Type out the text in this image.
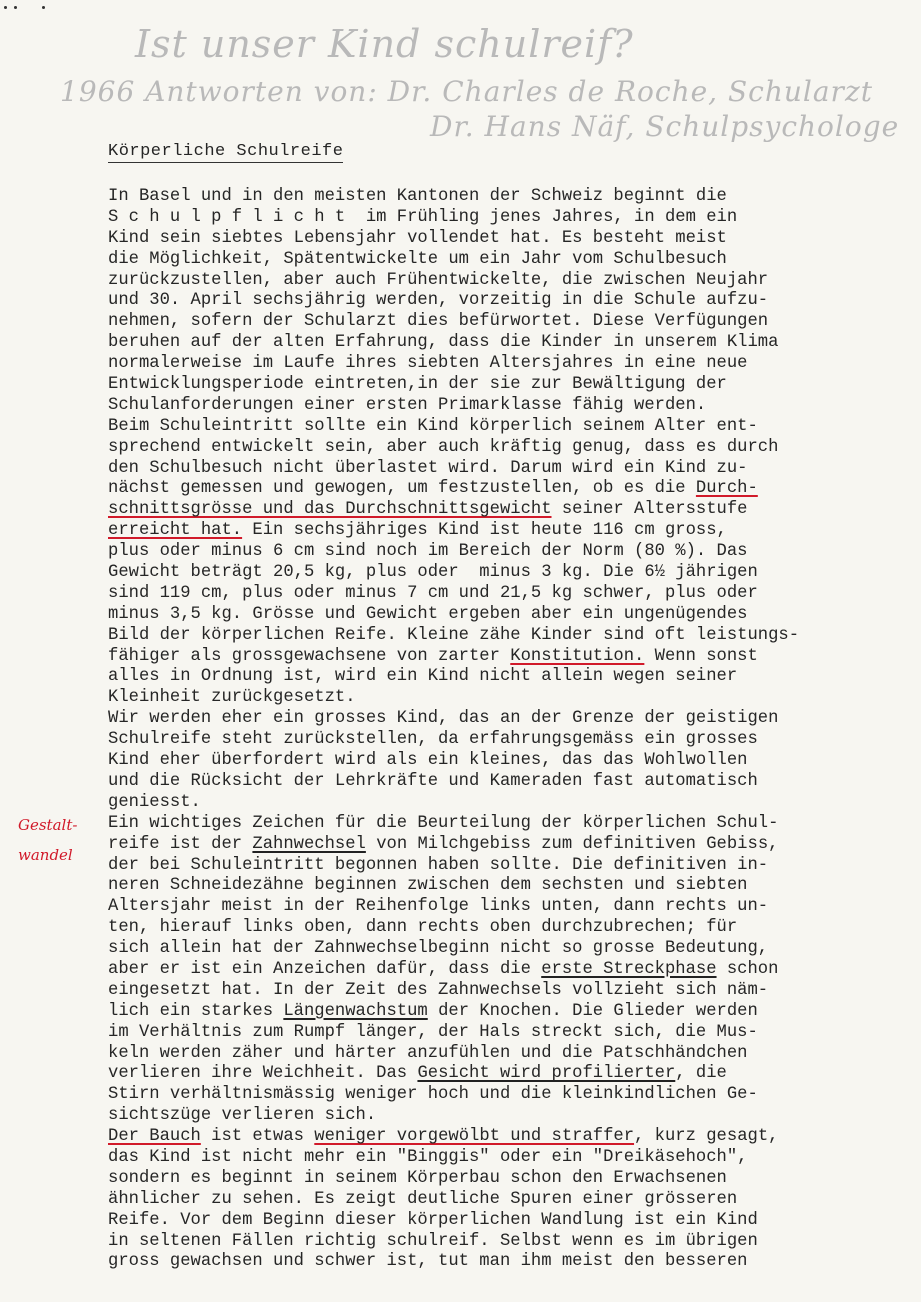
Ist unser Kind schulreif?
1966 Antworten von: Dr. Charles de Roche, Schularzt
Dr. Hans Näf, Schulpsychologe
Körperliche Schulreife
Gestalt-
wandel
In Basel und in den meisten Kantonen der Schweiz beginnt die
S c h u l p f l i c h t  im Frühling jenes Jahres, in dem ein
Kind sein siebtes Lebensjahr vollendet hat. Es besteht meist
die Möglichkeit, Spätentwickelte um ein Jahr vom Schulbesuch
zurückzustellen, aber auch Frühentwickelte, die zwischen Neujahr
und 30. April sechsjährig werden, vorzeitig in die Schule aufzu-
nehmen, sofern der Schularzt dies befürwortet. Diese Verfügungen
beruhen auf der alten Erfahrung, dass die Kinder in unserem Klima
normalerweise im Laufe ihres siebten Altersjahres in eine neue
Entwicklungsperiode eintreten,in der sie zur Bewältigung der
Schulanforderungen einer ersten Primarklasse fähig werden.
Beim Schuleintritt sollte ein Kind körperlich seinem Alter ent-
sprechend entwickelt sein, aber auch kräftig genug, dass es durch
den Schulbesuch nicht überlastet wird. Darum wird ein Kind zu-
nächst gemessen und gewogen, um festzustellen, ob es die Durch-
schnittsgrösse und das Durchschnittsgewicht seiner Altersstufe
erreicht hat. Ein sechsjähriges Kind ist heute 116 cm gross,
plus oder minus 6 cm sind noch im Bereich der Norm (80 %). Das
Gewicht beträgt 20,5 kg, plus oder  minus 3 kg. Die 6½ jährigen
sind 119 cm, plus oder minus 7 cm und 21,5 kg schwer, plus oder
minus 3,5 kg. Grösse und Gewicht ergeben aber ein ungenügendes
Bild der körperlichen Reife. Kleine zähe Kinder sind oft leistungs-
fähiger als grossgewachsene von zarter Konstitution. Wenn sonst
alles in Ordnung ist, wird ein Kind nicht allein wegen seiner
Kleinheit zurückgesetzt.
Wir werden eher ein grosses Kind, das an der Grenze der geistigen
Schulreife steht zurückstellen, da erfahrungsgemäss ein grosses
Kind eher überfordert wird als ein kleines, das das Wohlwollen
und die Rücksicht der Lehrkräfte und Kameraden fast automatisch
geniesst.
Ein wichtiges Zeichen für die Beurteilung der körperlichen Schul-
reife ist der Zahnwechsel von Milchgebiss zum definitiven Gebiss,
der bei Schuleintritt begonnen haben sollte. Die definitiven in-
neren Schneidezähne beginnen zwischen dem sechsten und siebten
Altersjahr meist in der Reihenfolge links unten, dann rechts un-
ten, hierauf links oben, dann rechts oben durchzubrechen; für
sich allein hat der Zahnwechselbeginn nicht so grosse Bedeutung,
aber er ist ein Anzeichen dafür, dass die erste Streckphase schon
eingesetzt hat. In der Zeit des Zahnwechsels vollzieht sich näm-
lich ein starkes Längenwachstum der Knochen. Die Glieder werden
im Verhältnis zum Rumpf länger, der Hals streckt sich, die Mus-
keln werden zäher und härter anzufühlen und die Patschhändchen
verlieren ihre Weichheit. Das Gesicht wird profilierter, die
Stirn verhältnismässig weniger hoch und die kleinkindlichen Ge-
sichtszüge verlieren sich.
Der Bauch ist etwas weniger vorgewölbt und straffer, kurz gesagt,
das Kind ist nicht mehr ein "Binggis" oder ein "Dreikäsehoch",
sondern es beginnt in seinem Körperbau schon den Erwachsenen
ähnlicher zu sehen. Es zeigt deutliche Spuren einer grösseren
Reife. Vor dem Beginn dieser körperlichen Wandlung ist ein Kind
in seltenen Fällen richtig schulreif. Selbst wenn es im übrigen
gross gewachsen und schwer ist, tut man ihm meist den besseren
